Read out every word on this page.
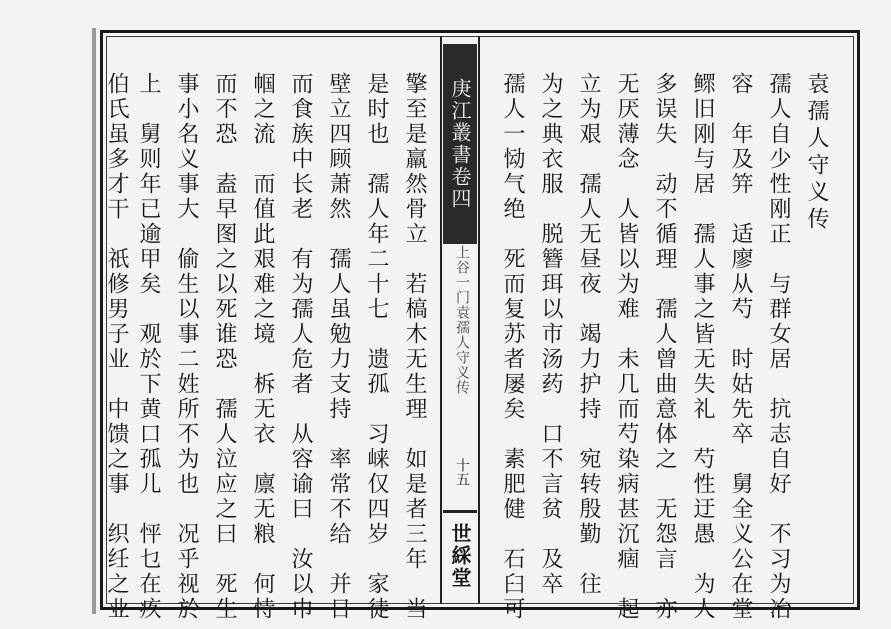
袁孺人守义传
孺人自少性刚正　与群女居　抗志自好　不习为冶
容　年及笄　适廖从芍　时姑先卒　舅全义公在堂
鳏旧刚与居　孺人事之皆无失礼　芍性迂愚　为人
多误失　动不循理　孺人曾曲意体之　无怨言　亦
无厌薄念　人皆以为难　未几而芍染病甚沉痼　起
立为艰　孺人无昼夜　竭力护持　宛转殷勤　往
为之典衣服　脱簪珥以市汤药　口不言贫　及卒
孺人一恸气绝　死而复苏者屡矣　素肥健　石臼可
庚江叢書卷四
上谷一门袁孺人守义传
十五
世綵堂
擎至是羸然骨立　若槁木无生理　如是者三年　当
是时也　孺人年二十七　遗孤　习崃仅四岁　家徒
壁立四顾萧然　孺人虽勉力支持　率常不给　并日
而食族中长老　有为孺人危者　从容谕曰　汝以巾
帼之流　而值此艰难之境　柝无衣　廪无粮　何恃
而不恐　盍早图之以死谁恐　孺人泣应之曰　死生
事小名义事大　偷生以事二姓所不为也　况乎视於
上　舅则年已逾甲矣　观於下黄口孤儿　怦乜在疚
伯氏虽多才干　祇修男子业　中馈之事　织纴之业
